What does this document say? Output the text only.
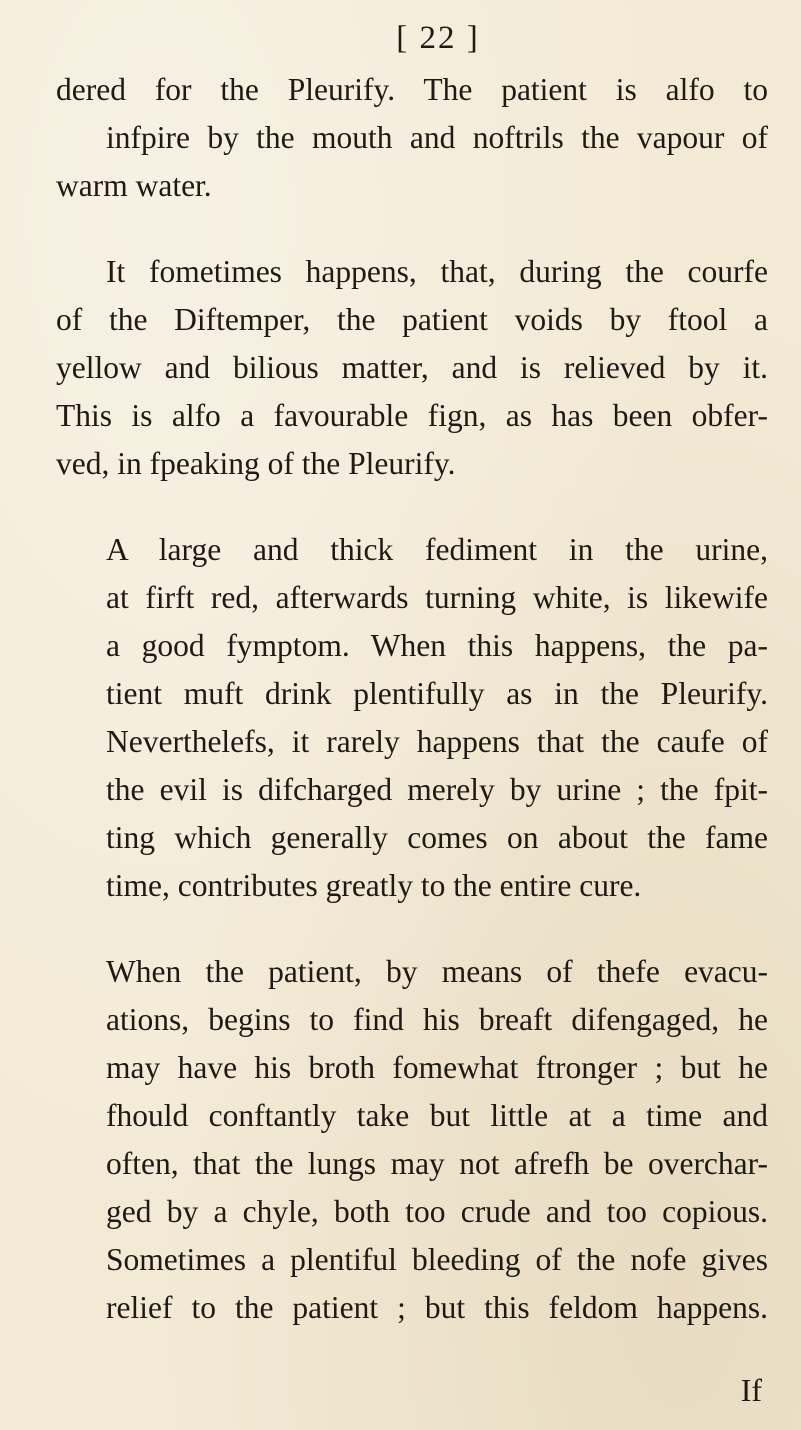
[ 22 ]

dered for the Pleurify. The patient is alfo to

infpire by the mouth and noftrils the vapour of

warm water.

It fometimes happens, that, during the courfe

of the Diftemper, the patient voids by ftool a

yellow and bilious matter, and is relieved by it.

This is alfo a favourable fign, as has been obfer-

ved, in fpeaking of the Pleurify.

A large and thick fediment in the urine,

at firft red, afterwards turning white, is likewife

a good fymptom. When this happens, the pa-

tient muft drink plentifully as in the Pleurify.

Neverthelefs, it rarely happens that the caufe of

the evil is difcharged merely by urine ; the fpit-

ting which generally comes on about the fame

time, contributes greatly to the entire cure.

When the patient, by means of thefe evacu-

ations, begins to find his breaft difengaged, he

may have his broth fomewhat ftronger ; but he

fhould conftantly take but little at a time and

often, that the lungs may not afrefh be overchar-

ged by a chyle, both too crude and too copious.

Sometimes a plentiful bleeding of the nofe gives

relief to the patient ; but this feldom happens.

If
